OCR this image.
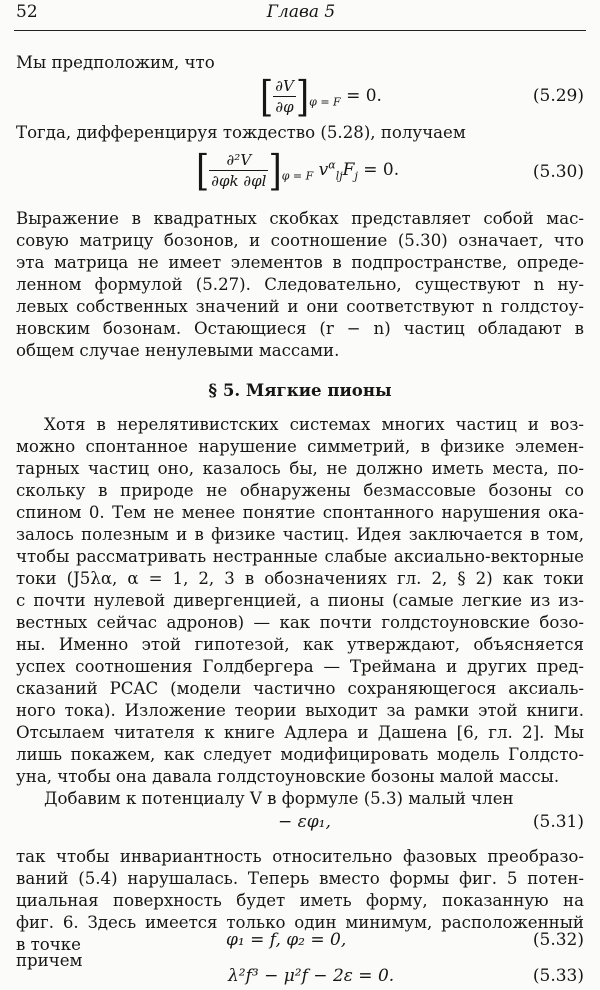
52	Глава 5
Мы предположим, что
[ $\frac{\partial V}{\partial\varphi} ]_{\varphi = F} = 0$.	(5.29)
Тогда, дифференцируя тождество (5.28), получаем
[ $\frac{\text{∂²V}}{\partial\varphi k \partial\varphi l} ]_{\varphi = F}$ $v^\alpha_{lj}F_j = 0$.	(5.30)
Выражение в квадратных скобках представляет собой мас-
совую матрицу бозонов, и соотношение (5.30) означает, что
эта матрица не имеет элементов в подпространстве, опреде-
ленном формулой (5.27). Следовательно, существуют n ну-
левых собственных значений и они соответствуют n голдстоу-
новским бозонам. Остающиеся (r − n) частиц обладают в
общем случае ненулевыми массами.
§ 5. Мягкие пионы
Хотя в нерелятивистских системах многих частиц и воз-
можно спонтанное нарушение симметрий, в физике элемен-
тарных частиц оно, казалось бы, не должно иметь места, по-
скольку в природе не обнаружены безмассовые бозоны со
спином 0. Тем не менее понятие спонтанного нарушения ока-
залось полезным и в физике частиц. Идея заключается в том,
чтобы рассматривать нестранные слабые аксиально-векторные
токи (J5λα, α = 1, 2, 3 в обозначениях гл. 2, § 2) как токи
с почти нулевой дивергенцией, а пионы (самые легкие из из-
вестных сейчас адронов) — как почти голдстоуновские бозо-
ны. Именно этой гипотезой, как утверждают, объясняется
успех соотношения Голдбергера — Треймана и других пред-
сказаний PCAC (модели частично сохраняющегося аксиаль-
ного тока). Изложение теории выходит за рамки этой книги.
Отсылаем читателя к книге Адлера и Дашена [6, гл. 2]. Мы
лишь покажем, как следует модифицировать модель Голдсто-
уна, чтобы она давала голдстоуновские бозоны малой массы.
Добавим к потенциалу V в формуле (5.3) малый член
− εφ₁,	(5.31)
так чтобы инвариантность относительно фазовых преобразо-
ваний (5.4) нарушалась. Теперь вместо формы фиг. 5 потен-
циальная поверхность будет иметь форму, показанную на
фиг. 6. Здесь имеется только один минимум, расположенный
в точке	φ₁ = f, φ₂ = 0,	(5.32)
причем
λ²f³ − μ²f − 2ε = 0.	(5.33)
